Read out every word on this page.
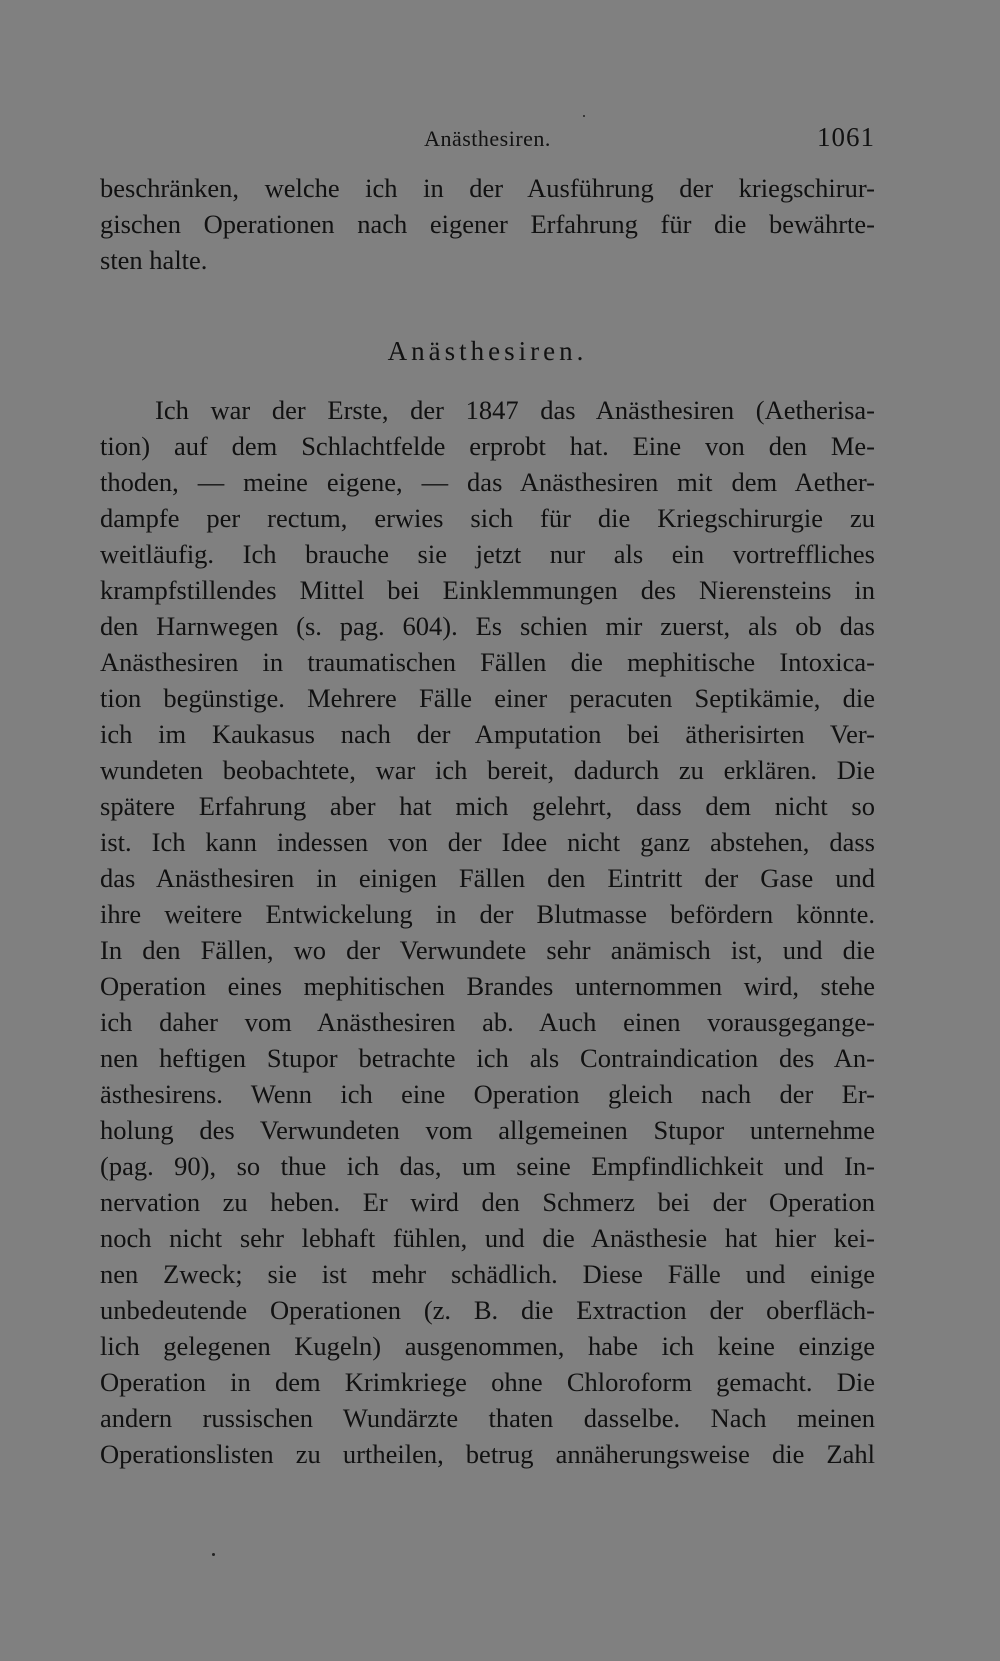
Anästhesiren.	1061
beschränken, welche ich in der Ausführung der kriegschirur-
gischen Operationen nach eigener Erfahrung für die bewährte-
sten halte.
Anästhesiren.
Ich war der Erste, der 1847 das Anästhesiren (Aetherisa-
tion) auf dem Schlachtfelde erprobt hat. Eine von den Me-
thoden, — meine eigene, — das Anästhesiren mit dem Aether-
dampfe per rectum, erwies sich für die Kriegschirurgie zu
weitläufig. Ich brauche sie jetzt nur als ein vortreffliches
krampfstillendes Mittel bei Einklemmungen des Nierensteins in
den Harnwegen (s. pag. 604). Es schien mir zuerst, als ob das
Anästhesiren in traumatischen Fällen die mephitische Intoxica-
tion begünstige. Mehrere Fälle einer peracuten Septikämie, die
ich im Kaukasus nach der Amputation bei ätherisirten Ver-
wundeten beobachtete, war ich bereit, dadurch zu erklären. Die
spätere Erfahrung aber hat mich gelehrt, dass dem nicht so
ist. Ich kann indessen von der Idee nicht ganz abstehen, dass
das Anästhesiren in einigen Fällen den Eintritt der Gase und
ihre weitere Entwickelung in der Blutmasse befördern könnte.
In den Fällen, wo der Verwundete sehr anämisch ist, und die
Operation eines mephitischen Brandes unternommen wird, stehe
ich daher vom Anästhesiren ab. Auch einen vorausgegange-
nen heftigen Stupor betrachte ich als Contraindication des An-
ästhesirens. Wenn ich eine Operation gleich nach der Er-
holung des Verwundeten vom allgemeinen Stupor unternehme
(pag. 90), so thue ich das, um seine Empfindlichkeit und In-
nervation zu heben. Er wird den Schmerz bei der Operation
noch nicht sehr lebhaft fühlen, und die Anästhesie hat hier kei-
nen Zweck; sie ist mehr schädlich. Diese Fälle und einige
unbedeutende Operationen (z. B. die Extraction der oberfläch-
lich gelegenen Kugeln) ausgenommen, habe ich keine einzige
Operation in dem Krimkriege ohne Chloroform gemacht. Die
andern russischen Wundärzte thaten dasselbe. Nach meinen
Operationslisten zu urtheilen, betrug annäherungsweise die Zahl
